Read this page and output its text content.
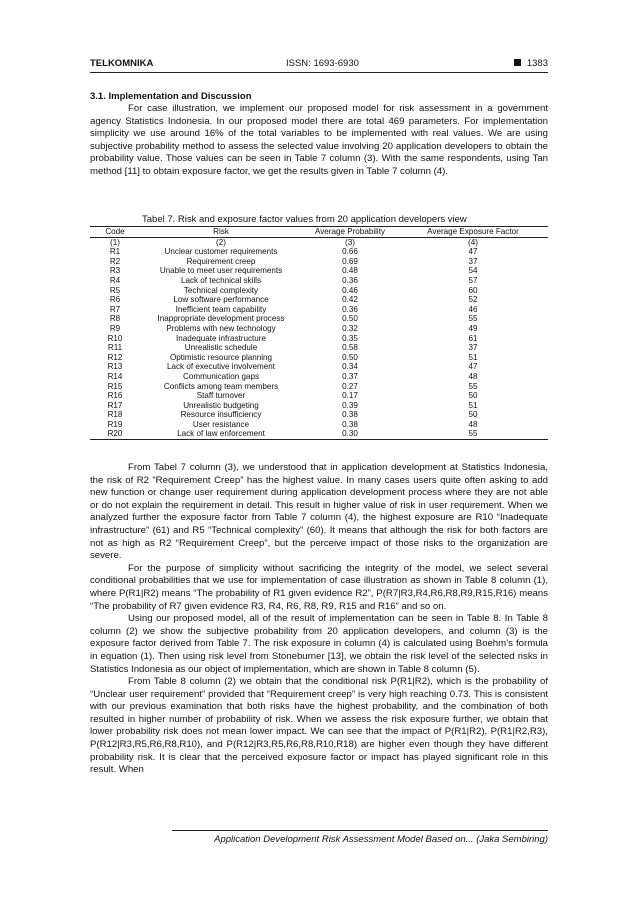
TELKOMNIKA	ISSN: 1693-6930	1383
3.1. Implementation and Discussion

For case illustration, we implement our proposed model for risk assessment in a government agency Statistics Indonesia. In our proposed model there are total 469 parameters. For implementation simplicity we use around 16% of the total variables to be implemented with real values. We are using subjective probability method to assess the selected value involving 20 application developers to obtain the probability value. Those values can be seen in Table 7 column (3). With the same respondents, using Tan method [11] to obtain exposure factor, we get the results given in Table 7 column (4).

Tabel 7. Risk and exposure factor values from 20 application developers view
Code	Risk	Average Probability	Average Exposure Factor
(1)	(2)	(3)	(4)
R1	Unclear customer requirements	0.66	47
R2	Requirement creep	0.69	37
R3	Unable to meet user requirements	0.48	54
R4	Lack of technical skills	0.36	57
R5	Technical complexity	0.46	60
R6	Low software performance	0.42	52
R7	Inefficient team capability	0.36	46
R8	Inappropriate development process	0.50	55
R9	Problems with new technology	0.32	49
R10	Inadequate infrastructure	0.35	61
R11	Unrealistic schedule	0.58	37
R12	Optimistic resource planning	0.50	51
R13	Lack of executive involvement	0.34	47
R14	Communication gaps	0.37	48
R15	Conflicts among team members	0.27	55
R16	Staff turnover	0.17	50
R17	Unrealistic budgeting	0.39	51
R18	Resource insufficiency	0.38	50
R19	User resistance	0.38	48
R20	Lack of law enforcement	0.30	55

From Tabel 7 column (3), we understood that in application development at Statistics Indonesia, the risk of R2 “Requirement Creep” has the highest value. In many cases users quite often asking to add new function or change user requirement during application development process where they are not able or do not explain the requirement in detail. This result in higher value of risk in user requirement. When we analyzed further the exposure factor from Table 7 column (4), the highest exposure are R10 “Inadequate infrastructure” (61) and R5 “Technical complexity” (60). It means that although the risk for both factors are not as high as R2 “Requirement Creep”, but the perceive impact of those risks to the organization are severe.
For the purpose of simplicity without sacrificing the integrity of the model, we select several conditional probabilities that we use for implementation of case illustration as shown in Table 8 column (1), where P(R1|R2) means “The probability of R1 given evidence R2”, P(R7|R3,R4,R6,R8,R9,R15,R16) means “The probability of R7 given evidence R3, R4, R6, R8, R9, R15 and R16” and so on.
Using our proposed model, all of the result of implementation can be seen in Table 8. In Table 8 column (2) we show the subjective probability from 20 application developers, and column (3) is the exposure factor derived from Table 7. The risk exposure in column (4) is calculated using Boehm’s formula in equation (1). Then using risk level from Stoneburner [13], we obtain the risk level of the selected risks in Statistics Indonesia as our object of implementation, which are shown in Table 8 column (5).
From Table 8 column (2) we obtain that the conditional risk P(R1|R2), which is the probability of “Unclear user requirement” provided that “Requirement creep” is very high reaching 0.73. This is consistent with our previous examination that both risks have the highest probability, and the combination of both resulted in higher number of probability of risk. When we assess the risk exposure further, we obtain that lower probability risk does not mean lower impact. We can see that the impact of P(R1|R2), P(R1|R2,R3), P(R12|R3,R5,R6,R8,R10), and P(R12|R3,R5,R6,R8,R10,R18) are higher even though they have different probability risk. It is clear that the perceived exposure factor or impact has played significant role in this result. When

Application Development Risk Assessment Model Based on... (Jaka Sembiring)
